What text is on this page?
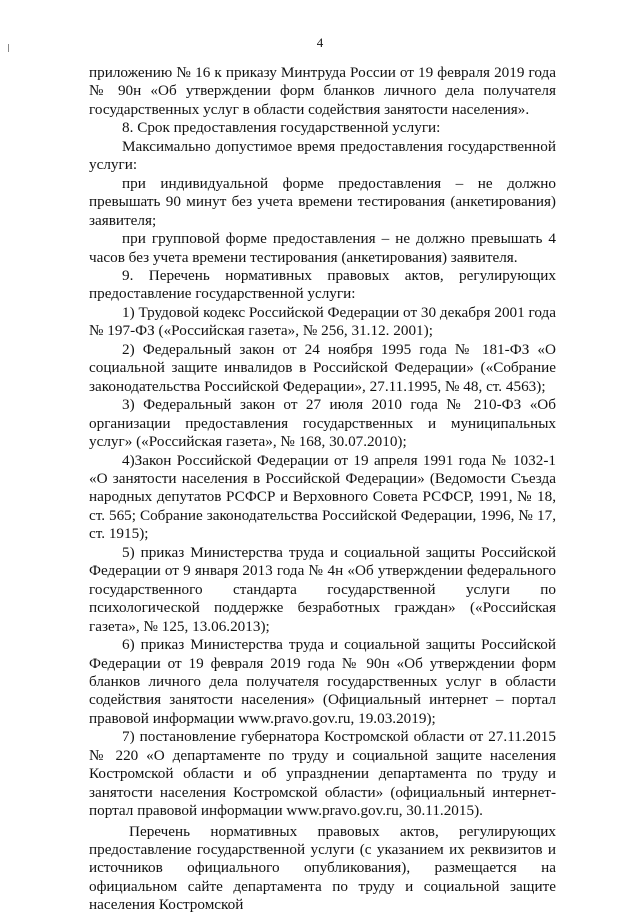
4

приложению № 16 к приказу Минтруда России от 19 февраля 2019 года № 90н «Об утверждении форм бланков личного дела получателя государственных услуг в области содействия занятости населения».

8. Срок предоставления государственной услуги:

Максимально допустимое время предоставления государственной услуги:

при индивидуальной форме предоставления – не должно превышать 90 минут без учета времени тестирования (анкетирования) заявителя;

при групповой форме предоставления – не должно превышать 4 часов без учета времени тестирования (анкетирования) заявителя.

9. Перечень нормативных правовых актов, регулирующих предоставление государственной услуги:

1) Трудовой кодекс Российской Федерации от 30 декабря 2001 года № 197-ФЗ («Российская газета», № 256, 31.12. 2001);

2) Федеральный закон от 24 ноября 1995 года № 181-ФЗ «О социальной защите инвалидов в Российской Федерации» («Собрание законодательства Российской Федерации», 27.11.1995, № 48, ст. 4563);

3) Федеральный закон от 27 июля 2010 года № 210-ФЗ «Об организации предоставления государственных и муниципальных услуг» («Российская газета», № 168, 30.07.2010);

4)Закон Российской Федерации от 19 апреля 1991 года № 1032-1 «О занятости населения в Российской Федерации» (Ведомости Съезда народных депутатов РСФСР и Верховного Совета РСФСР, 1991, № 18, ст. 565; Собрание законодательства Российской Федерации, 1996, № 17, ст. 1915);

5) приказ Министерства труда и социальной защиты Российской Федерации от 9 января 2013 года № 4н «Об утверждении федерального государственного стандарта государственной услуги по психологической поддержке безработных граждан» («Российская газета», № 125, 13.06.2013);

6) приказ Министерства труда и социальной защиты Российской Федерации от 19 февраля 2019 года № 90н «Об утверждении форм бланков личного дела получателя государственных услуг в области содействия занятости населения» (Официальный интернет – портал правовой информации www.pravo.gov.ru, 19.03.2019);

7) постановление губернатора Костромской области от 27.11.2015 № 220 «О департаменте по труду и социальной защите населения Костромской области и об упразднении департамента по труду и занятости населения Костромской области» (официальный интернет-портал правовой информации www.pravo.gov.ru, 30.11.2015).

Перечень нормативных правовых актов, регулирующих предоставление государственной услуги (с указанием их реквизитов и источников официального опубликования), размещается на официальном сайте департамента по труду и социальной защите населения Костромской
